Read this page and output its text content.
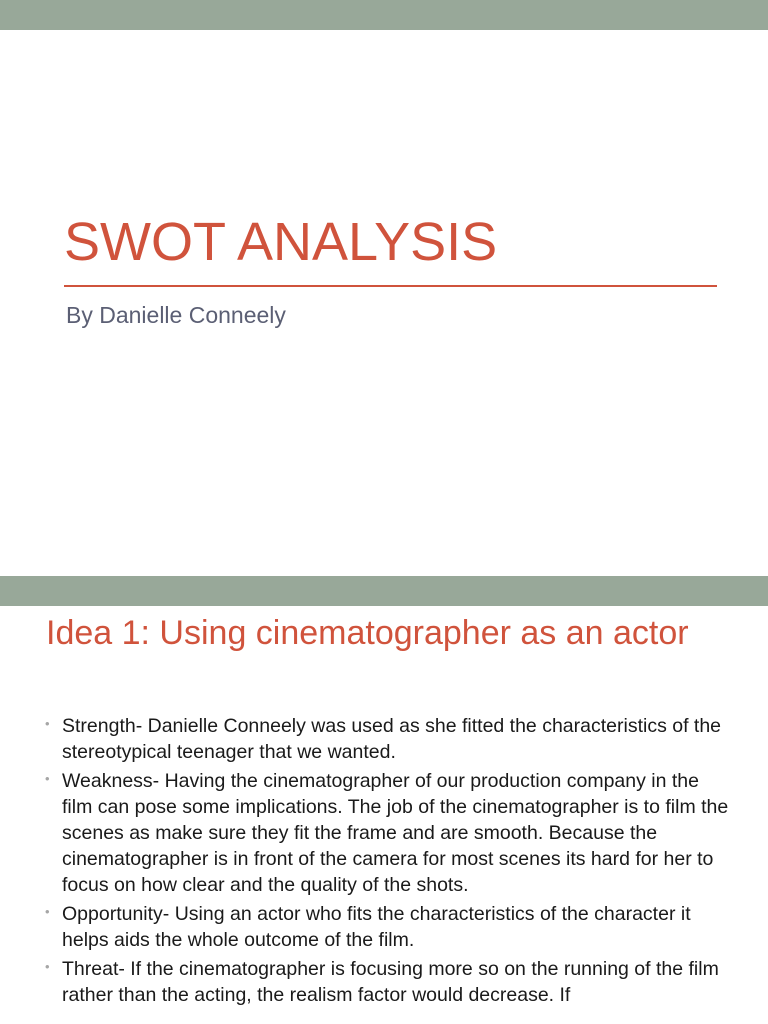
SWOT ANALYSIS
By Danielle Conneely
Idea 1: Using cinematographer as an actor
• Strength- Danielle Conneely was used as she fitted the characteristics of the stereotypical teenager that we wanted.
• Weakness- Having the cinematographer of our production company in the film can pose some implications. The job of the cinematographer is to film the scenes as make sure they fit the frame and are smooth. Because the cinematographer is in front of the camera for most scenes its hard for her to focus on how clear and the quality of the shots.
• Opportunity- Using an actor who fits the characteristics of the character it helps aids the whole outcome of the film.
• Threat- If the cinematographer is focusing more so on the running of the film rather than the acting, the realism factor would decrease. If
